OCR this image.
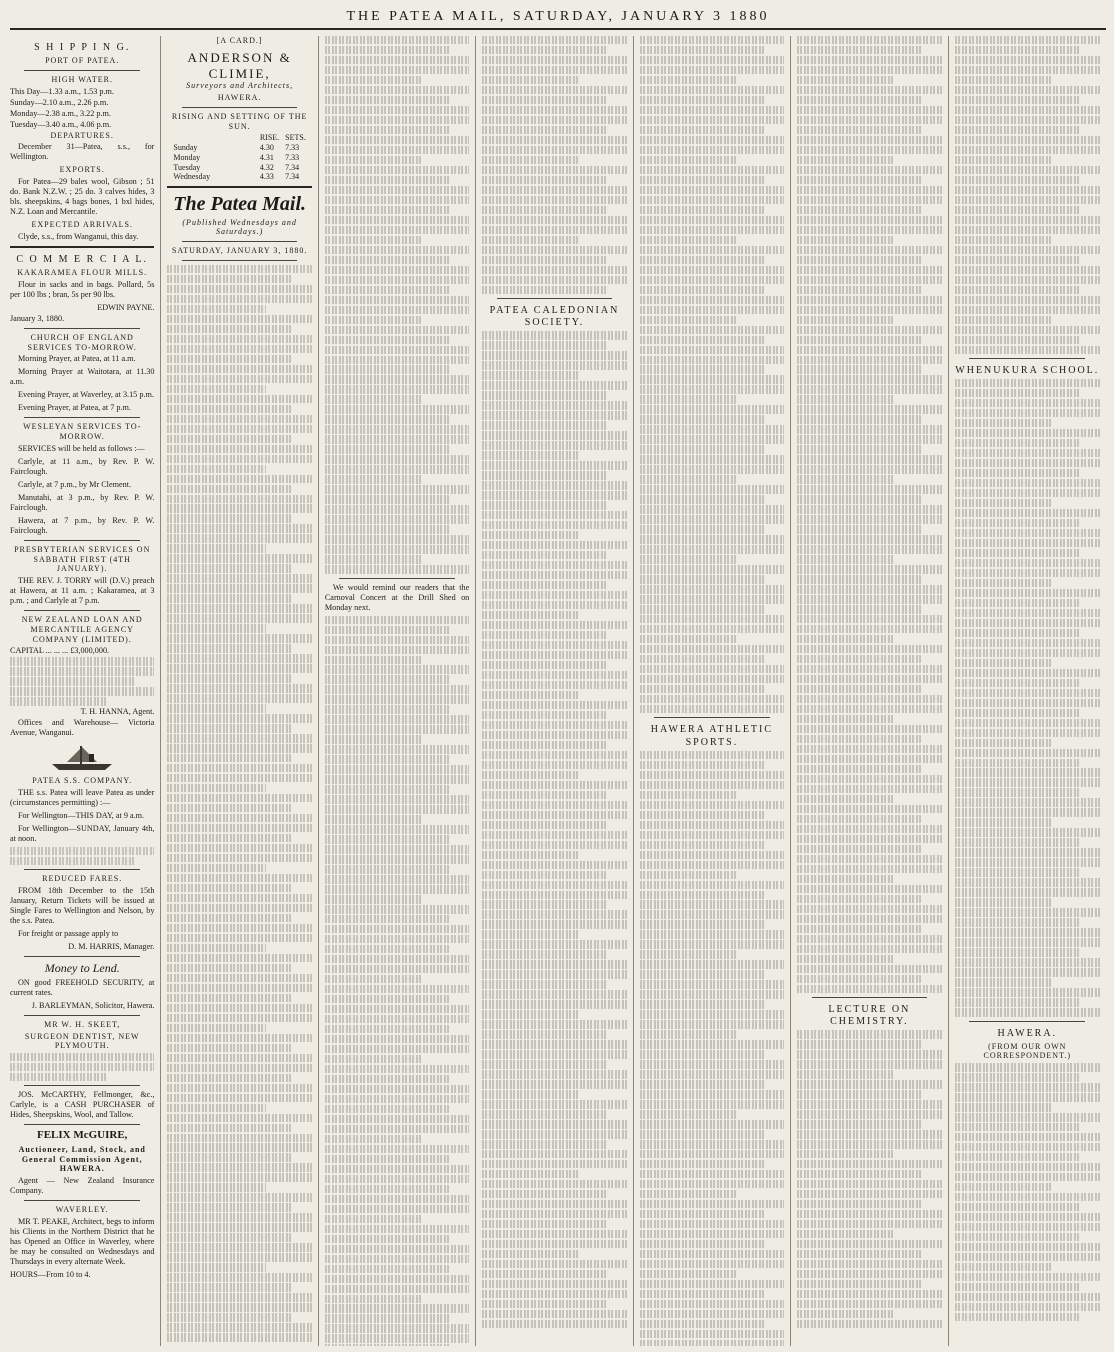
THE PATEA MAIL, SATURDAY, JANUARY 3 1880
S H I P P I N G.
PORT OF PATEA.
HIGH WATER.
This Day—1.33 a.m., 1.53 p.m.
Sunday—2.10 a.m., 2.26 p.m.
Monday—2.38 a.m., 3.22 p.m.
Tuesday—3.40 a.m., 4.06 p.m.
DEPARTURES.
December 31—Patea, s.s., for Wellington.
EXPORTS.
For Patea—29 bales wool, Gibson ; 51 do. Bank N.Z.W. ; 25 do. 3 calves hides, 3 bls. sheepskins, 4 bags bones, 1 bxl hides, N.Z. Loan and Mercantile.
EXPECTED ARRIVALS.
Clyde, s.s., from Wanganui, this day.
C O M M E R C I A L.
KAKARAMEA FLOUR MILLS.
Flour in sacks and in bags. Pollard, 5s per 100 lbs ; bran, 5s per 90 lbs.
EDWIN PAYNE.
January 3, 1880.
CHURCH OF ENGLAND SERVICES TO-MORROW.
Morning Prayer, at Patea, at 11 a.m.
Morning Prayer at Waitotara, at 11.30 a.m.
Evening Prayer, at Waverley, at 3.15 p.m.
Evening Prayer, at Patea, at 7 p.m.
WESLEYAN SERVICES TO-MORROW.
SERVICES will be held as follows :—
Carlyle, at 11 a.m., by Rev. P. W. Fairclough.
Carlyle, at 7 p.m., by Mr Clement.
Manutahi, at 3 p.m., by Rev. P. W. Fairclough.
Hawera, at 7 p.m., by Rev. P. W. Fairclough.
PRESBYTERIAN SERVICES ON SABBATH FIRST (4TH JANUARY).
THE REV. J. TORRY will (D.V.) preach at Hawera, at 11 a.m. ; Kakaramea, at 3 p.m. ; and Carlyle at 7 p.m.
NEW ZEALAND LOAN AND MERCANTILE AGENCY COMPANY (LIMITED).
CAPITAL ... ... ... £3,000,000.
T. H. HANNA, Agent.
Offices and Warehouse— Victoria Avenue, Wanganui.
PATEA S.S. COMPANY.
THE s.s. Patea will leave Patea as under (circumstances permitting) :—
For Wellington—THIS DAY, at 9 a.m.
For Wellington—SUNDAY, January 4th, at noon.
REDUCED FARES.
FROM 18th December to the 15th January, Return Tickets will be issued at Single Fares to Wellington and Nelson, by the s.s. Patea.
For freight or passage apply to
D. M. HARRIS, Manager.
Money to Lend.
ON good FREEHOLD SECURITY, at current rates.
J. BARLEYMAN, Solicitor, Hawera.
MR W. H. SKEET,
SURGEON DENTIST, NEW PLYMOUTH.
JOS. McCARTHY, Fellmonger, &c., Carlyle, is a CASH PURCHASER of Hides, Sheepskins, Wool, and Tallow.
FELIX McGUIRE,
Auctioneer, Land, Stock, and General Commission Agent, HAWERA.
Agent — New Zealand Insurance Company.
WAVERLEY.
MR T. PEAKE, Architect, begs to inform his Clients in the Northern District that he has Opened an Office in Waverley, where he may be consulted on Wednesdays and Thursdays in every alternate Week.
HOURS—From 10 to 4.
[A CARD.]
ANDERSON & CLIMIE,
Surveyors and Architects,
HAWERA.
RISING AND SETTING OF THE SUN.
RISE. SETS.
Sunday	4.30	7.33
Monday	4.31	7.33
Tuesday	4.32	7.34
Wednesday	4.33	7.34
The Patea Mail.
(Published Wednesdays and Saturdays.)
SATURDAY, JANUARY 3, 1880.
We would remind our readers that the Carnoval Concert at the Drill Shed on Monday next.
PATEA CALEDONIAN SOCIETY.
HAWERA ATHLETIC SPORTS.
LECTURE ON CHEMISTRY.
WHENUKURA SCHOOL.
HAWERA.
(FROM OUR OWN CORRESPONDENT.)
